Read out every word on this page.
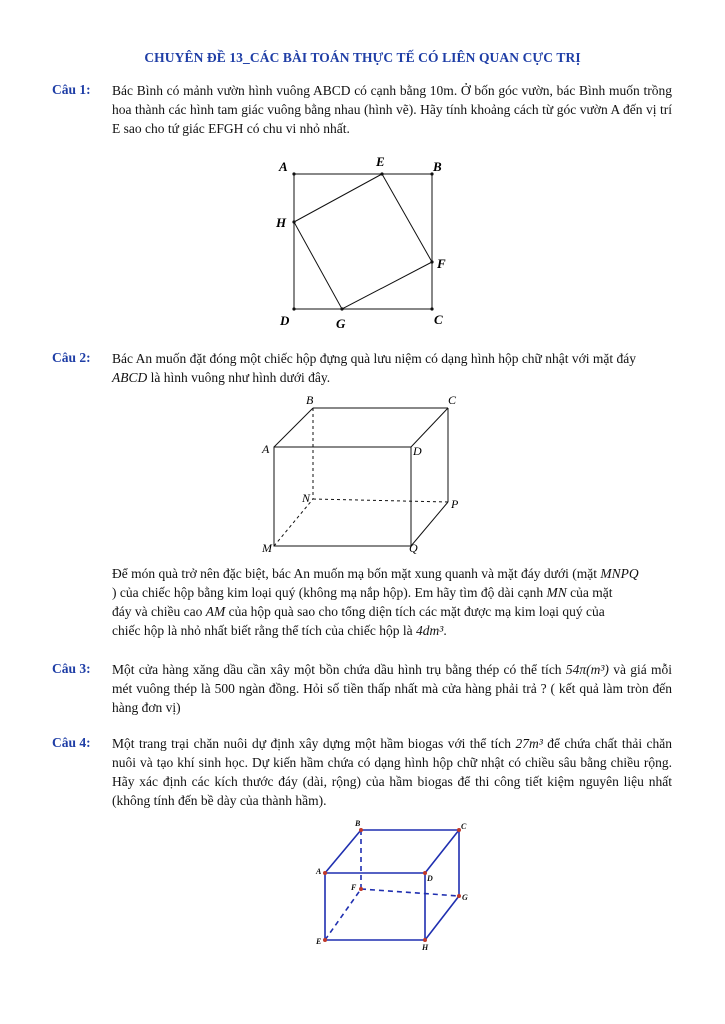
CHUYÊN ĐỀ 13_CÁC BÀI TOÁN THỰC TẾ CÓ LIÊN QUAN CỰC TRỊ
Câu 1: Bác Bình có mảnh vườn hình vuông ABCD có cạnh bằng 10m. Ở bốn góc vườn, bác Bình muốn trồng hoa thành các hình tam giác vuông bằng nhau (hình vẽ). Hãy tính khoảng cách từ góc vườn A đến vị trí E sao cho tứ giác EFGH có chu vi nhỏ nhất.

A	E	B
H
F
D	G	C
Câu 2: Bác An muốn đặt đóng một chiếc hộp đựng quà lưu niệm có dạng hình hộp chữ nhật với mặt đáy
ABCD là hình vuông như hình dưới đây.

B	C
A	D
N	P
M	Q

Để món quà trở nên đặc biệt, bác An muốn mạ bốn mặt xung quanh và mặt đáy dưới (mặt MNPQ
) của chiếc hộp bằng kim loại quý (không mạ nắp hộp). Em hãy tìm độ dài cạnh MN của mặt
đáy và chiều cao AM của hộp quà sao cho tổng diện tích các mặt được mạ kim loại quý của
chiếc hộp là nhỏ nhất biết rằng thể tích của chiếc hộp là 4dm³.

Câu 3: Một cửa hàng xăng dầu cần xây một bồn chứa dầu hình trụ bằng thép có thể tích 54π(m³) và giá mỗi mét vuông thép là 500 ngàn đồng. Hỏi số tiền thấp nhất mà cửa hàng phải trả ? ( kết quả làm tròn đến hàng đơn vị)

Câu 4: Một trang trại chăn nuôi dự định xây dựng một hầm biogas với thể tích 27m³ để chứa chất thải chăn nuôi và tạo khí sinh học. Dự kiến hầm chứa có dạng hình hộp chữ nhật có chiều sâu bằng chiều rộng. Hãy xác định các kích thước đáy (dài, rộng) của hầm biogas để thi công tiết kiệm nguyên liệu nhất (không tính đến bề dày của thành hầm).

B	C
A
D
F
G
E
H
